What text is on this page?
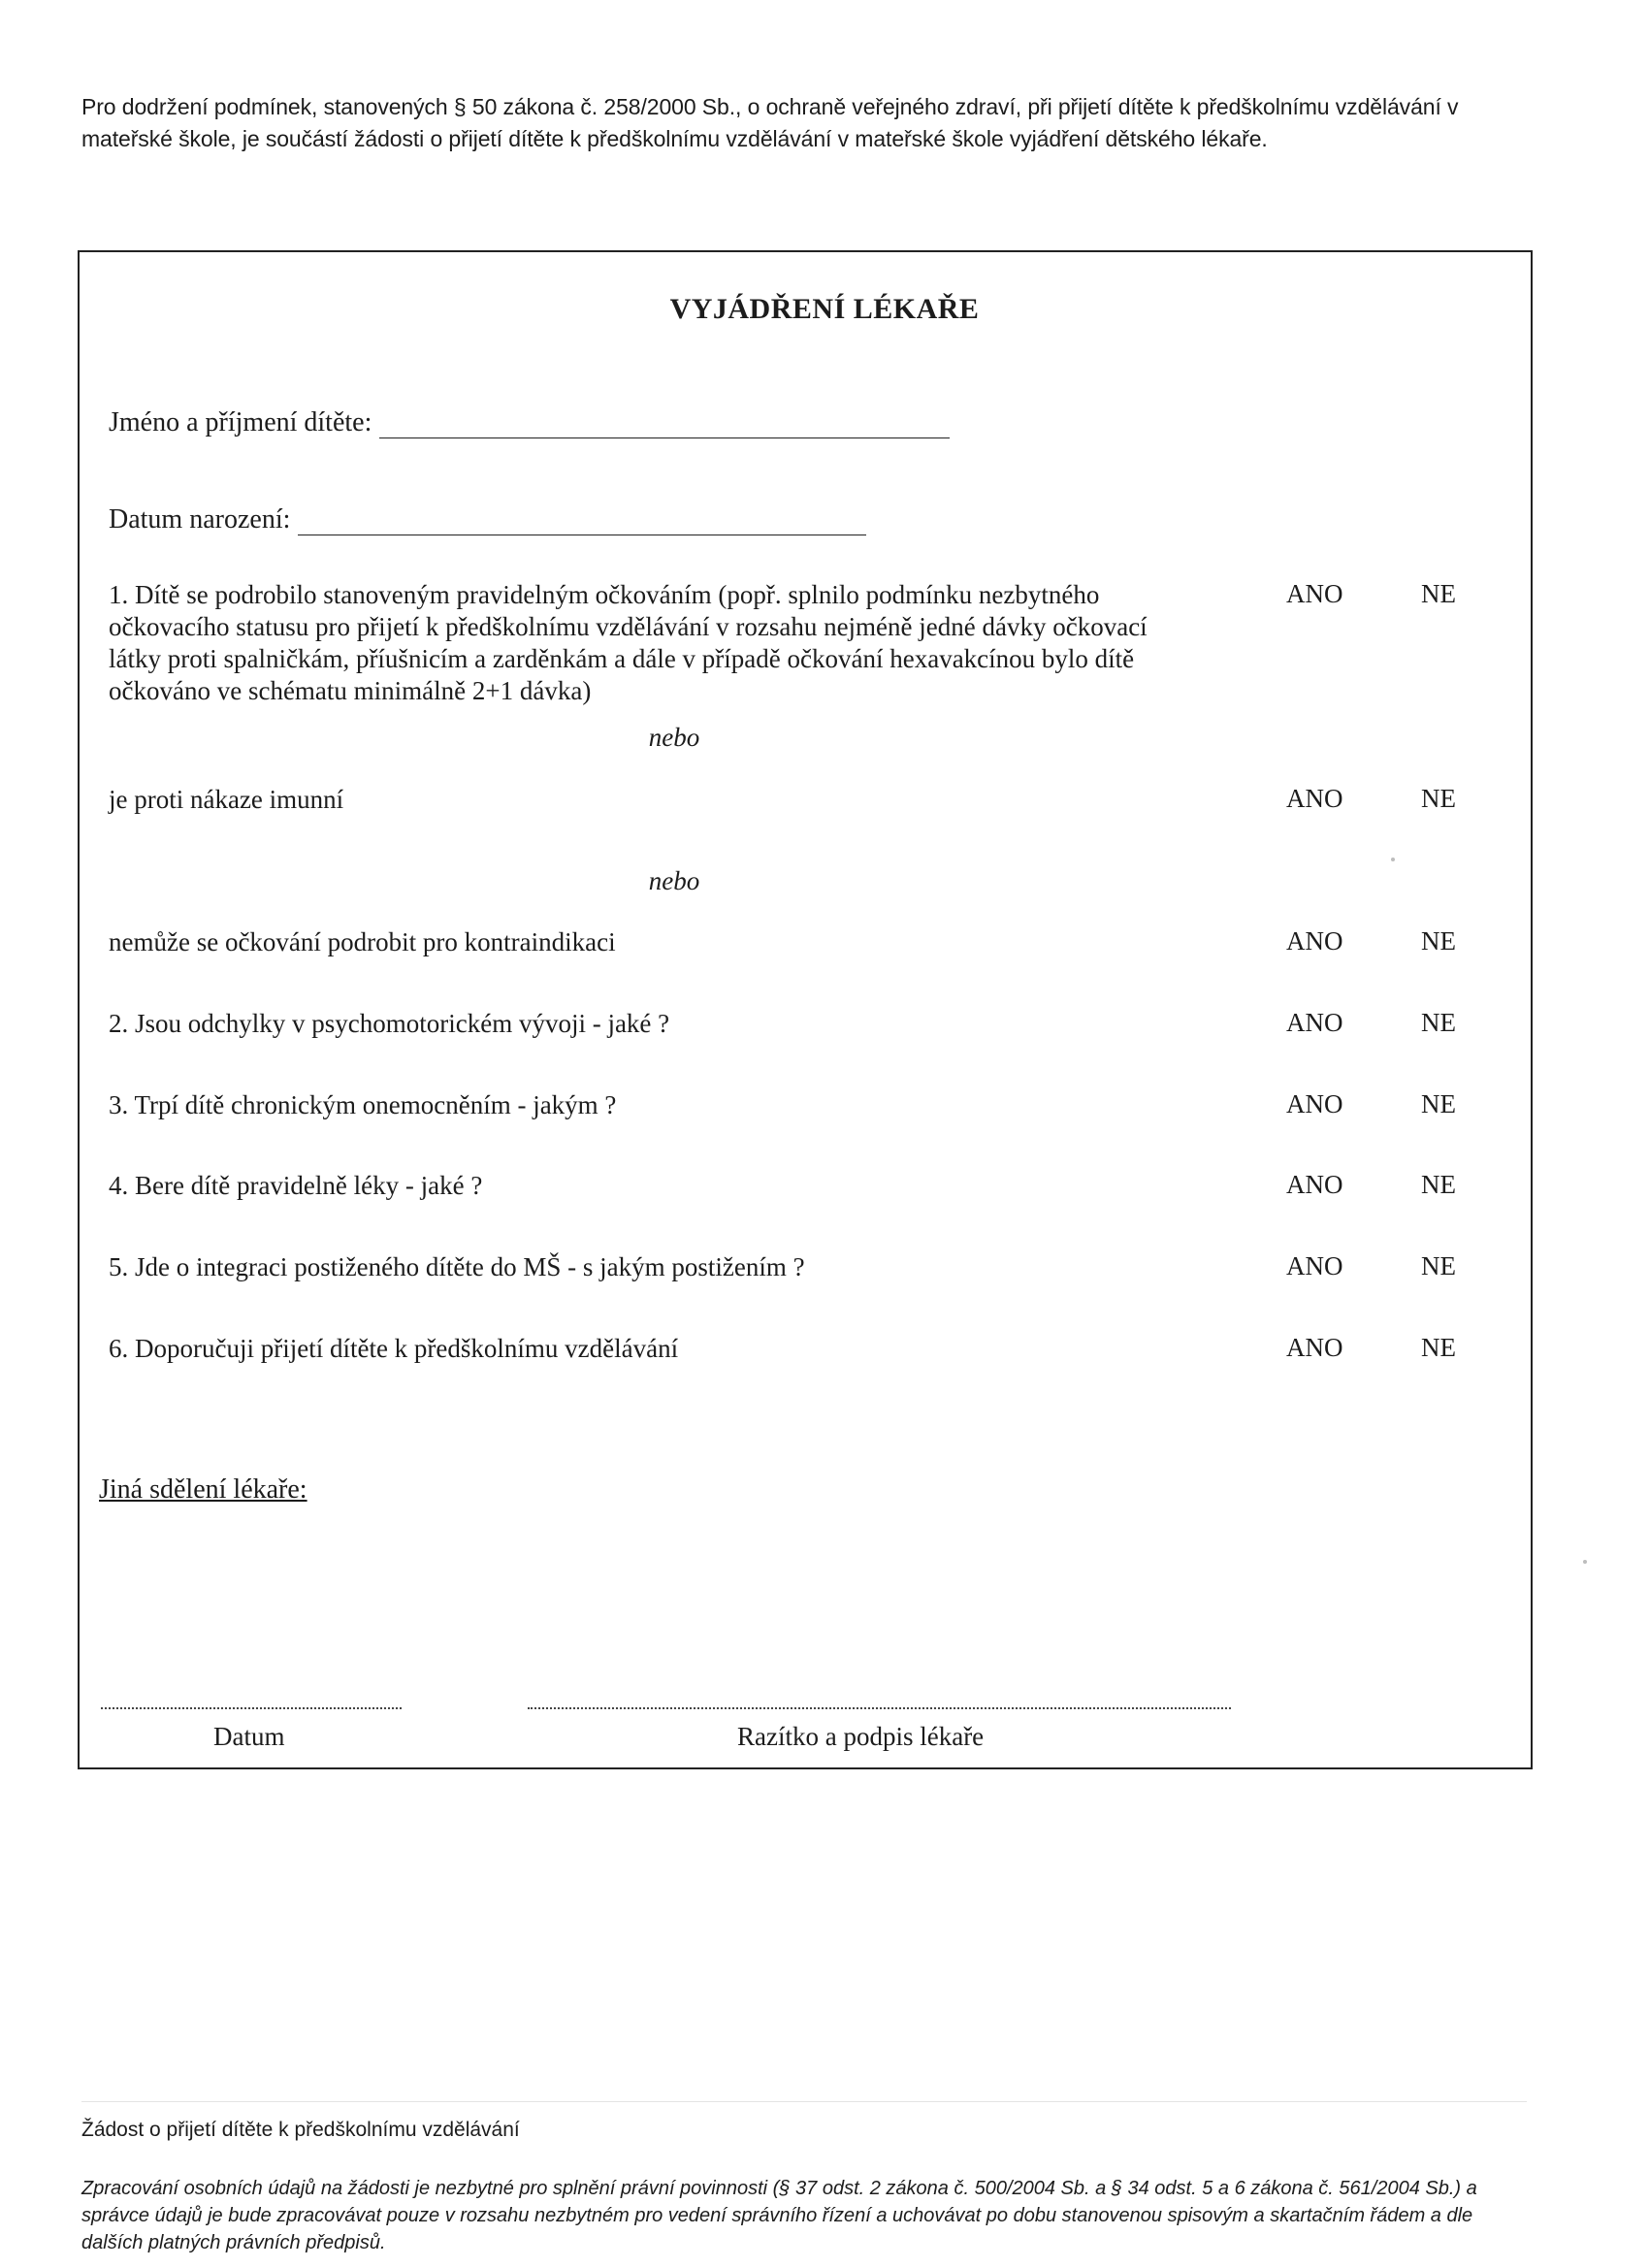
Pro dodržení podmínek, stanovených § 50 zákona č. 258/2000 Sb., o ochraně veřejného zdraví, při přijetí dítěte k předškolnímu vzdělávání v mateřské škole, je součástí žádosti o přijetí dítěte k předškolnímu vzdělávání v mateřské škole vyjádření dětského lékaře.
VYJÁDŘENÍ LÉKAŘE
Jméno a příjmení dítěte:
Datum narození:
1. Dítě se podrobilo stanoveným pravidelným očkováním (popř. splnilo podmínku nezbytného očkovacího statusu pro přijetí k předškolnímu vzdělávání v rozsahu nejméně jedné dávky očkovací látky proti spalničkám, příušnicím a zarděnkám a dále v případě očkování hexavakcínou bylo dítě očkováno ve schématu minimálně 2+1 dávka)
ANO	NE
nebo
je proti nákaze imunní	ANO	NE
nebo
nemůže se očkování podrobit pro kontraindikaci	ANO	NE
2. Jsou odchylky v psychomotorickém vývoji - jaké ?	ANO	NE
3. Trpí dítě chronickým onemocněním - jakým ?	ANO	NE
4. Bere dítě pravidelně léky - jaké ?	ANO	NE
5. Jde o integraci postiženého dítěte do MŠ - s jakým postižením ?	ANO	NE
6. Doporučuji přijetí dítěte k předškolnímu vzdělávání	ANO	NE
Jiná sdělení lékaře:
Datum	Razítko a podpis lékaře
Žádost o přijetí dítěte k předškolnímu vzdělávání
Zpracování osobních údajů na žádosti je nezbytné pro splnění právní povinnosti (§ 37 odst. 2 zákona č. 500/2004 Sb. a § 34 odst. 5 a 6 zákona č. 561/2004 Sb.) a správce údajů je bude zpracovávat pouze v rozsahu nezbytném pro vedení správního řízení a uchovávat po dobu stanovenou spisovým a skartačním řádem a dle dalších platných právních předpisů.
